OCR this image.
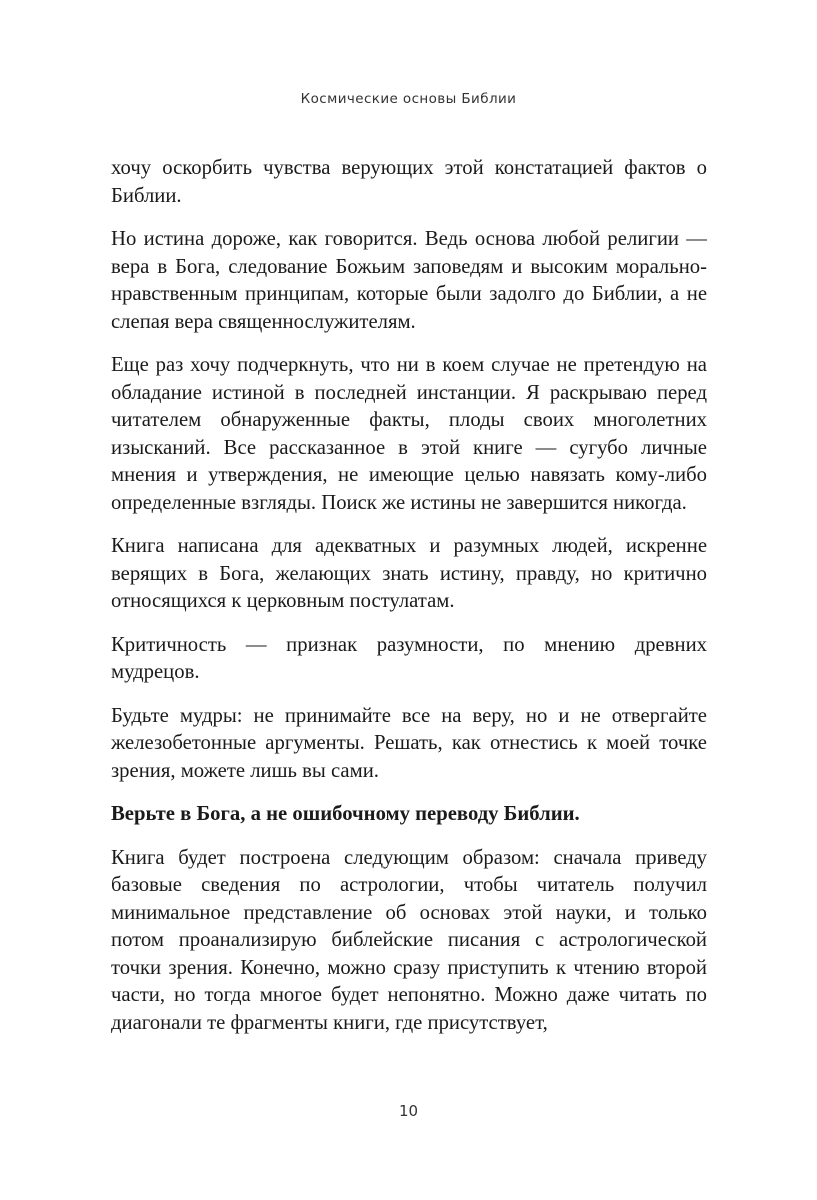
Космические основы Библии

хочу оскорбить чувства верующих этой констатацией фактов о Библии.

Но истина дороже, как говорится. Ведь основа любой религии — вера в Бога, следование Божьим заповедям и высоким морально-нравственным принципам, которые были задолго до Библии, а не слепая вера священнослужителям.

Еще раз хочу подчеркнуть, что ни в коем случае не претендую на обладание истиной в последней инстанции. Я раскрываю перед читателем обнаруженные факты, плоды своих многолетних изысканий. Все рассказанное в этой книге — сугубо личные мнения и утверждения, не имеющие целью навязать кому-либо определенные взгляды. Поиск же истины не завершится никогда.

Книга написана для адекватных и разумных людей, искренне верящих в Бога, желающих знать истину, правду, но критично относящихся к церковным постулатам.

Критичность — признак разумности, по мнению древних мудрецов.

Будьте мудры: не принимайте все на веру, но и не отвергайте железобетонные аргументы. Решать, как отнестись к моей точке зрения, можете лишь вы сами.

Верьте в Бога, а не ошибочному переводу Библии.

Книга будет построена следующим образом: сначала приведу базовые сведения по астрологии, чтобы читатель получил минимальное представление об основах этой науки, и только потом проанализирую библейские писания с астрологической точки зрения. Конечно, можно сразу приступить к чтению второй части, но тогда многое будет непонятно. Можно даже читать по диагонали те фрагменты книги, где присутствует,

10
